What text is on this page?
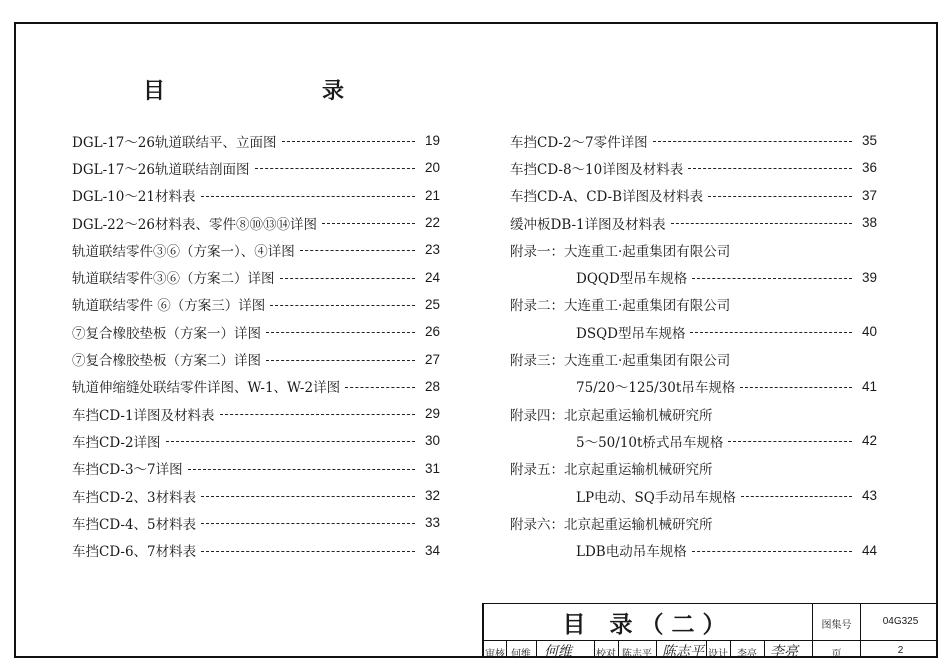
目	录
DGL-17～26轨道联结平、立面图	19
DGL-17～26轨道联结剖面图	20
DGL-10～21材料表	21
DGL-22～26材料表、零件⑧⑩⑬⑭详图	22
轨道联结零件③⑥（方案一）、④详图	23
轨道联结零件③⑥（方案二）详图	24
轨道联结零件 ⑥（方案三）详图	25
⑦复合橡胶垫板（方案一）详图	26
⑦复合橡胶垫板（方案二）详图	27
轨道伸缩缝处联结零件详图、W-1、W-2详图	28
车挡CD-1详图及材料表	29
车挡CD-2详图	30
车挡CD-3～7详图	31
车挡CD-2、3材料表	32
车挡CD-4、5材料表	33
车挡CD-6、7材料表	34
车挡CD-2～7零件详图	35
车挡CD-8～10详图及材料表	36
车挡CD-A、CD-B详图及材料表	37
缓冲板DB-1详图及材料表	38
附录一：大连重工·起重集团有限公司
DQQD型吊车规格	39
附录二：大连重工·起重集团有限公司
DSQD型吊车规格	40
附录三：大连重工·起重集团有限公司
75/20～125/30t吊车规格	41
附录四：北京起重运输机械研究所
5～50/10t桥式吊车规格	42
附录五：北京起重运输机械研究所
LP电动、SQ手动吊车规格	43
附录六：北京起重运输机械研究所
LDB电动吊车规格	44
目 录（二）	图集号	04G325
审核 何维 何维 校对 陈志平 陈志平 设计 李亮 李亮	页	2
